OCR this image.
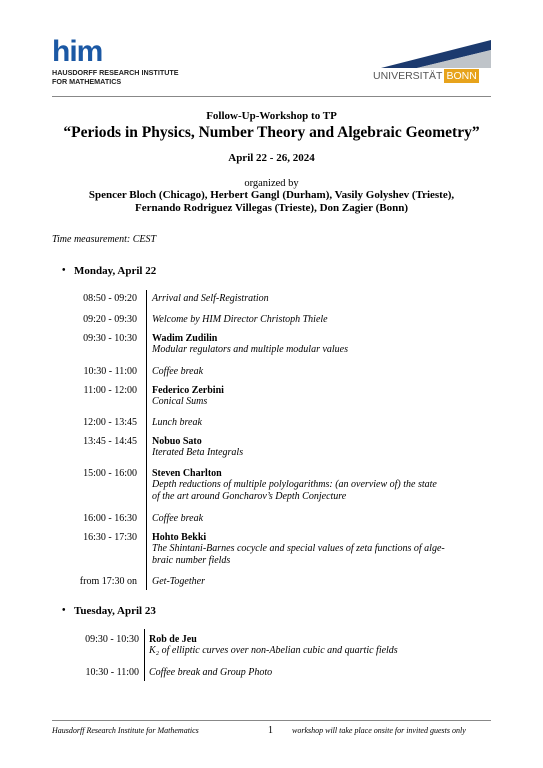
him
HAUSDORFF RESEARCH INSTITUTE
FOR MATHEMATICS	UNIVERSITÄT BONN
Follow-Up-Workshop to TP
“Periods in Physics, Number Theory and Algebraic Geometry”
April 22 - 26, 2024
organized by
Spencer Bloch (Chicago), Herbert Gangl (Durham), Vasily Golyshev (Trieste),
Fernando Rodriguez Villegas (Trieste), Don Zagier (Bonn)
Time measurement: CEST
• Monday, April 22
08:50 - 09:20 Arrival and Self-Registration
09:20 - 09:30 Welcome by HIM Director Christoph Thiele
09:30 - 10:30 Wadim Zudilin
Modular regulators and multiple modular values
10:30 - 11:00 Coffee break
11:00 - 12:00 Federico Zerbini
Conical Sums
12:00 - 13:45 Lunch break
13:45 - 14:45 Nobuo Sato
Iterated Beta Integrals
15:00 - 16:00 Steven Charlton
Depth reductions of multiple polylogarithms: (an overview of) the state
of the art around Goncharov’s Depth Conjecture
16:00 - 16:30 Coffee break
16:30 - 17:30 Hohto Bekki
The Shintani-Barnes cocycle and special values of zeta functions of alge-
braic number fields
from 17:30 on Get-Together
• Tuesday, April 23
09:30 - 10:30 Rob de Jeu
K₂ of elliptic curves over non-Abelian cubic and quartic fields
10:30 - 11:00 Coffee break and Group Photo
Hausdorff Research Institute for Mathematics	1 workshop will take place onsite for invited guests only
